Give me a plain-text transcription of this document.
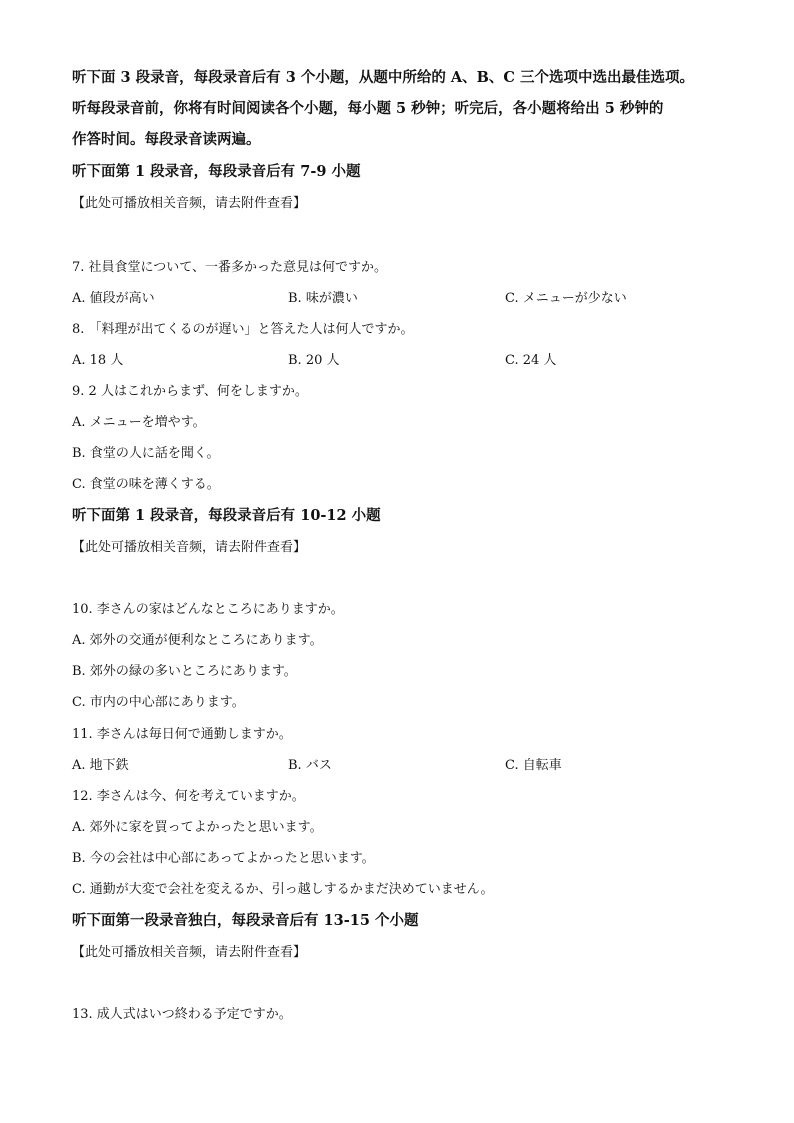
听下面 3 段录音，每段录音后有 3 个小题，从题中所给的 A、B、C 三个选项中选出最佳选项。
听每段录音前，你将有时间阅读各个小题，每小题 5 秒钟；听完后，各小题将给出 5 秒钟的
作答时间。每段录音读两遍。
听下面第 1 段录音，每段录音后有 7-9 小题
【此处可播放相关音频，请去附件查看】
7. 社員食堂について、一番多かった意見は何ですか。
A. 値段が高い	B. 味が濃い	C. メニューが少ない
8. 「料理が出てくるのが遅い」と答えた人は何人ですか。
A. 18 人	B. 20 人	C. 24 人
9. 2 人はこれからまず、何をしますか。
A. メニューを増やす。
B. 食堂の人に話を聞く。
C. 食堂の味を薄くする。
听下面第 1 段录音，每段录音后有 10-12 小题
【此处可播放相关音频，请去附件查看】
10. 李さんの家はどんなところにありますか。
A. 郊外の交通が便利なところにあります。
B. 郊外の緑の多いところにあります。
C. 市内の中心部にあります。
11. 李さんは毎日何で通勤しますか。
A. 地下鉄	B. バス	C. 自転車
12. 李さんは今、何を考えていますか。
A. 郊外に家を買ってよかったと思います。
B. 今の会社は中心部にあってよかったと思います。
C. 通勤が大変で会社を変えるか、引っ越しするかまだ決めていません。
听下面第一段录音独白，每段录音后有 13-15 个小题
【此处可播放相关音频，请去附件查看】
13. 成人式はいつ終わる予定ですか。
